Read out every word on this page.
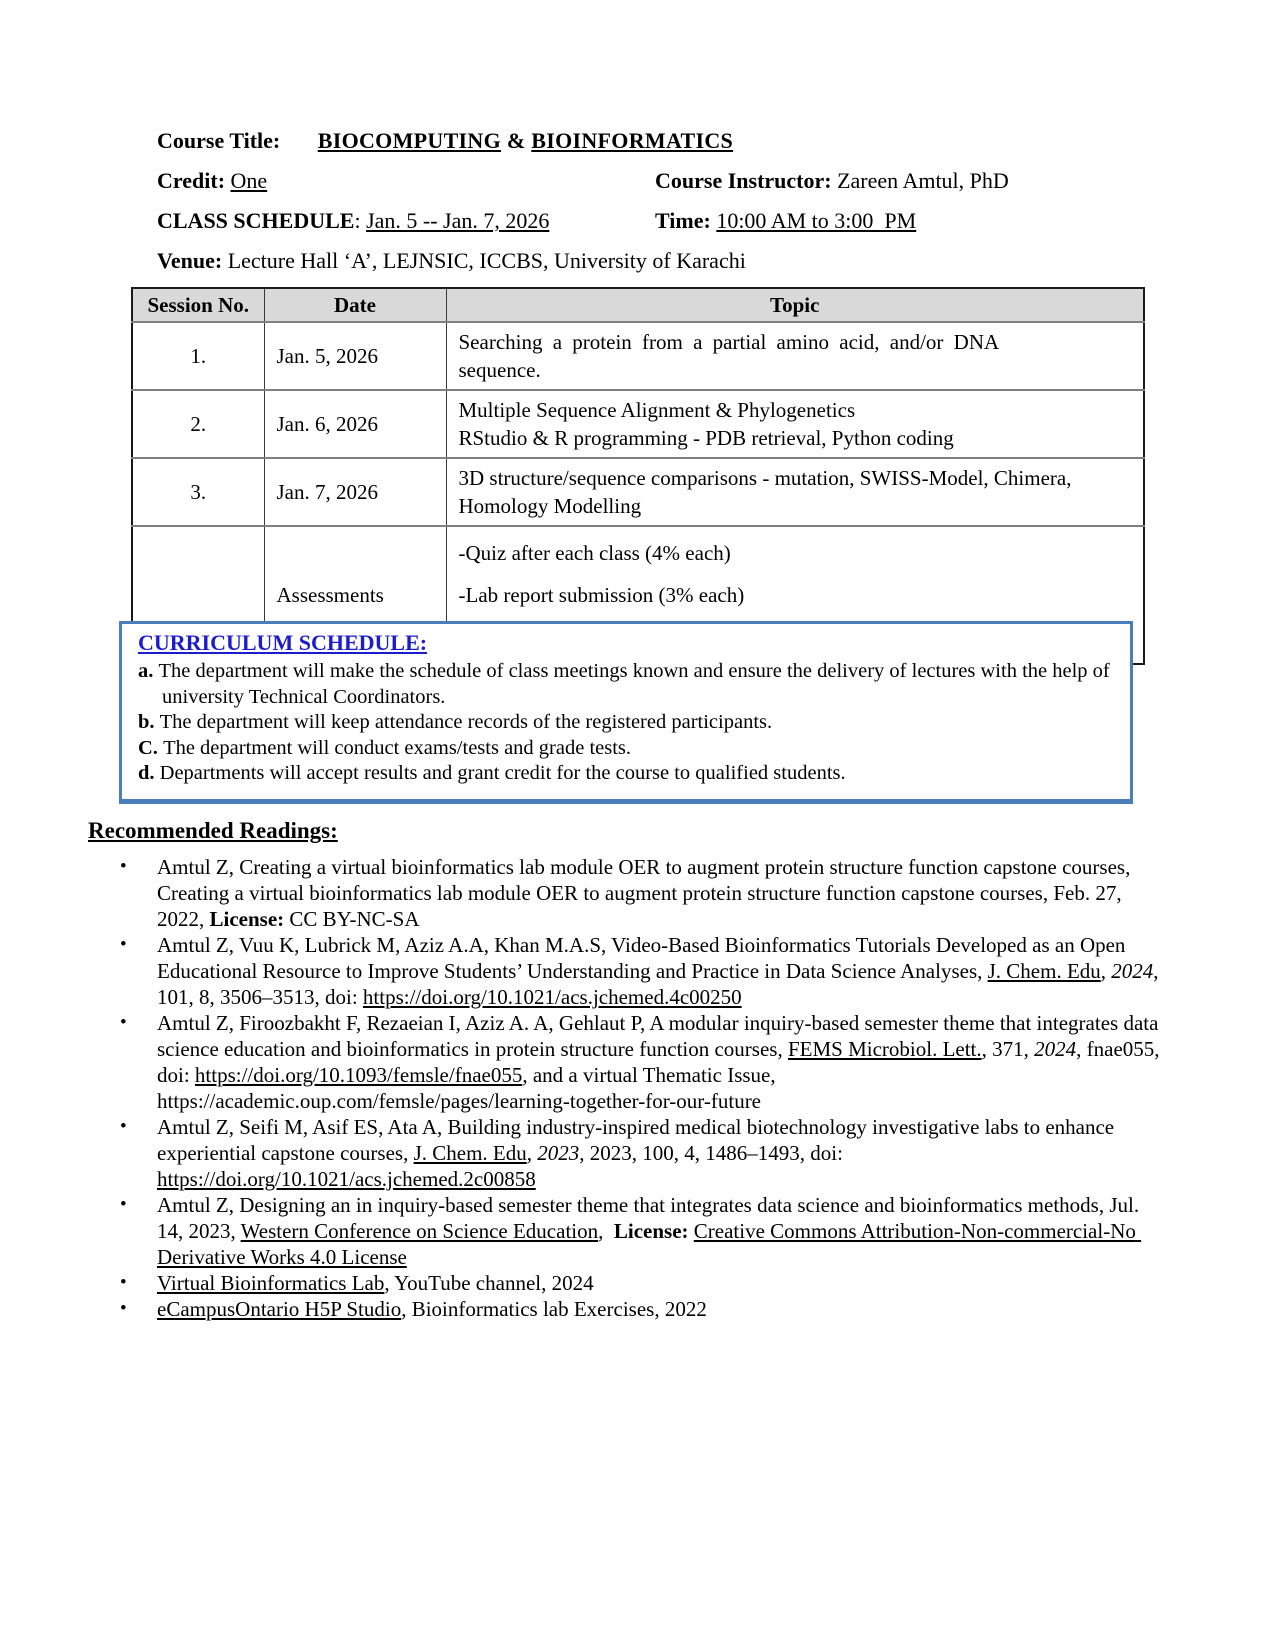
Course Title: BIOCOMPUTING & BIOINFORMATICS
Credit: One	Course Instructor: Zareen Amtul, PhD
CLASS SCHEDULE: Jan. 5 -- Jan. 7, 2026	Time: 10:00 AM to 3:00  PM
Venue: Lecture Hall ‘A’, LEJNSIC, ICCBS, University of Karachi
Session No.	Date	Topic
1.	Jan. 5, 2026	Searching a protein from a partial amino acid, and/or DNA
sequence.

2.	Jan. 6, 2026	Multiple Sequence Alignment & Phylogenetics
RStudio & R programming - PDB retrieval, Python coding

3.	Jan. 7, 2026	3D structure/sequence comparisons - mutation, SWISS-Model, Chimera,
Homology Modelling

	Assessments	-Quiz after each class (4% each)
-Lab report submission (3% each)
CURRICULUM SCHEDULE:
a. The department will make the schedule of class meetings known and ensure the delivery of lectures with the help of university Technical Coordinators.
b. The department will keep attendance records of the registered participants.
C. The department will conduct exams/tests and grade tests.
d. Departments will accept results and grant credit for the course to qualified students.
Recommended Readings:
•	Amtul Z, Creating a virtual bioinformatics lab module OER to augment protein structure function capstone courses, Creating a virtual bioinformatics lab module OER to augment protein structure function capstone courses, Feb. 27, 2022, License: CC BY-NC-SA
•	Amtul Z, Vuu K, Lubrick M, Aziz A.A, Khan M.A.S, Video-Based Bioinformatics Tutorials Developed as an Open Educational Resource to Improve Students’ Understanding and Practice in Data Science Analyses, J. Chem. Edu, 2024, 101, 8, 3506–3513, doi: https://doi.org/10.1021/acs.jchemed.4c00250
•	Amtul Z, Firoozbakht F, Rezaeian I, Aziz A. A, Gehlaut P, A modular inquiry-based semester theme that integrates data science education and bioinformatics in protein structure function courses, FEMS Microbiol. Lett., 371, 2024, fnae055, doi: https://doi.org/10.1093/femsle/fnae055, and a virtual Thematic Issue, https://academic.oup.com/femsle/pages/learning-together-for-our-future
•	Amtul Z, Seifi M, Asif ES, Ata A, Building industry-inspired medical biotechnology investigative labs to enhance experiential capstone courses, J. Chem. Edu, 2023, 2023, 100, 4, 1486–1493, doi: https://doi.org/10.1021/acs.jchemed.2c00858
•	Amtul Z, Designing an in inquiry-based semester theme that integrates data science and bioinformatics methods, Jul. 14, 2023, Western Conference on Science Education,  License: Creative Commons Attribution-Non-commercial-No Derivative Works 4.0 License
•	Virtual Bioinformatics Lab, YouTube channel, 2024
•	eCampusOntario H5P Studio, Bioinformatics lab Exercises, 2022
